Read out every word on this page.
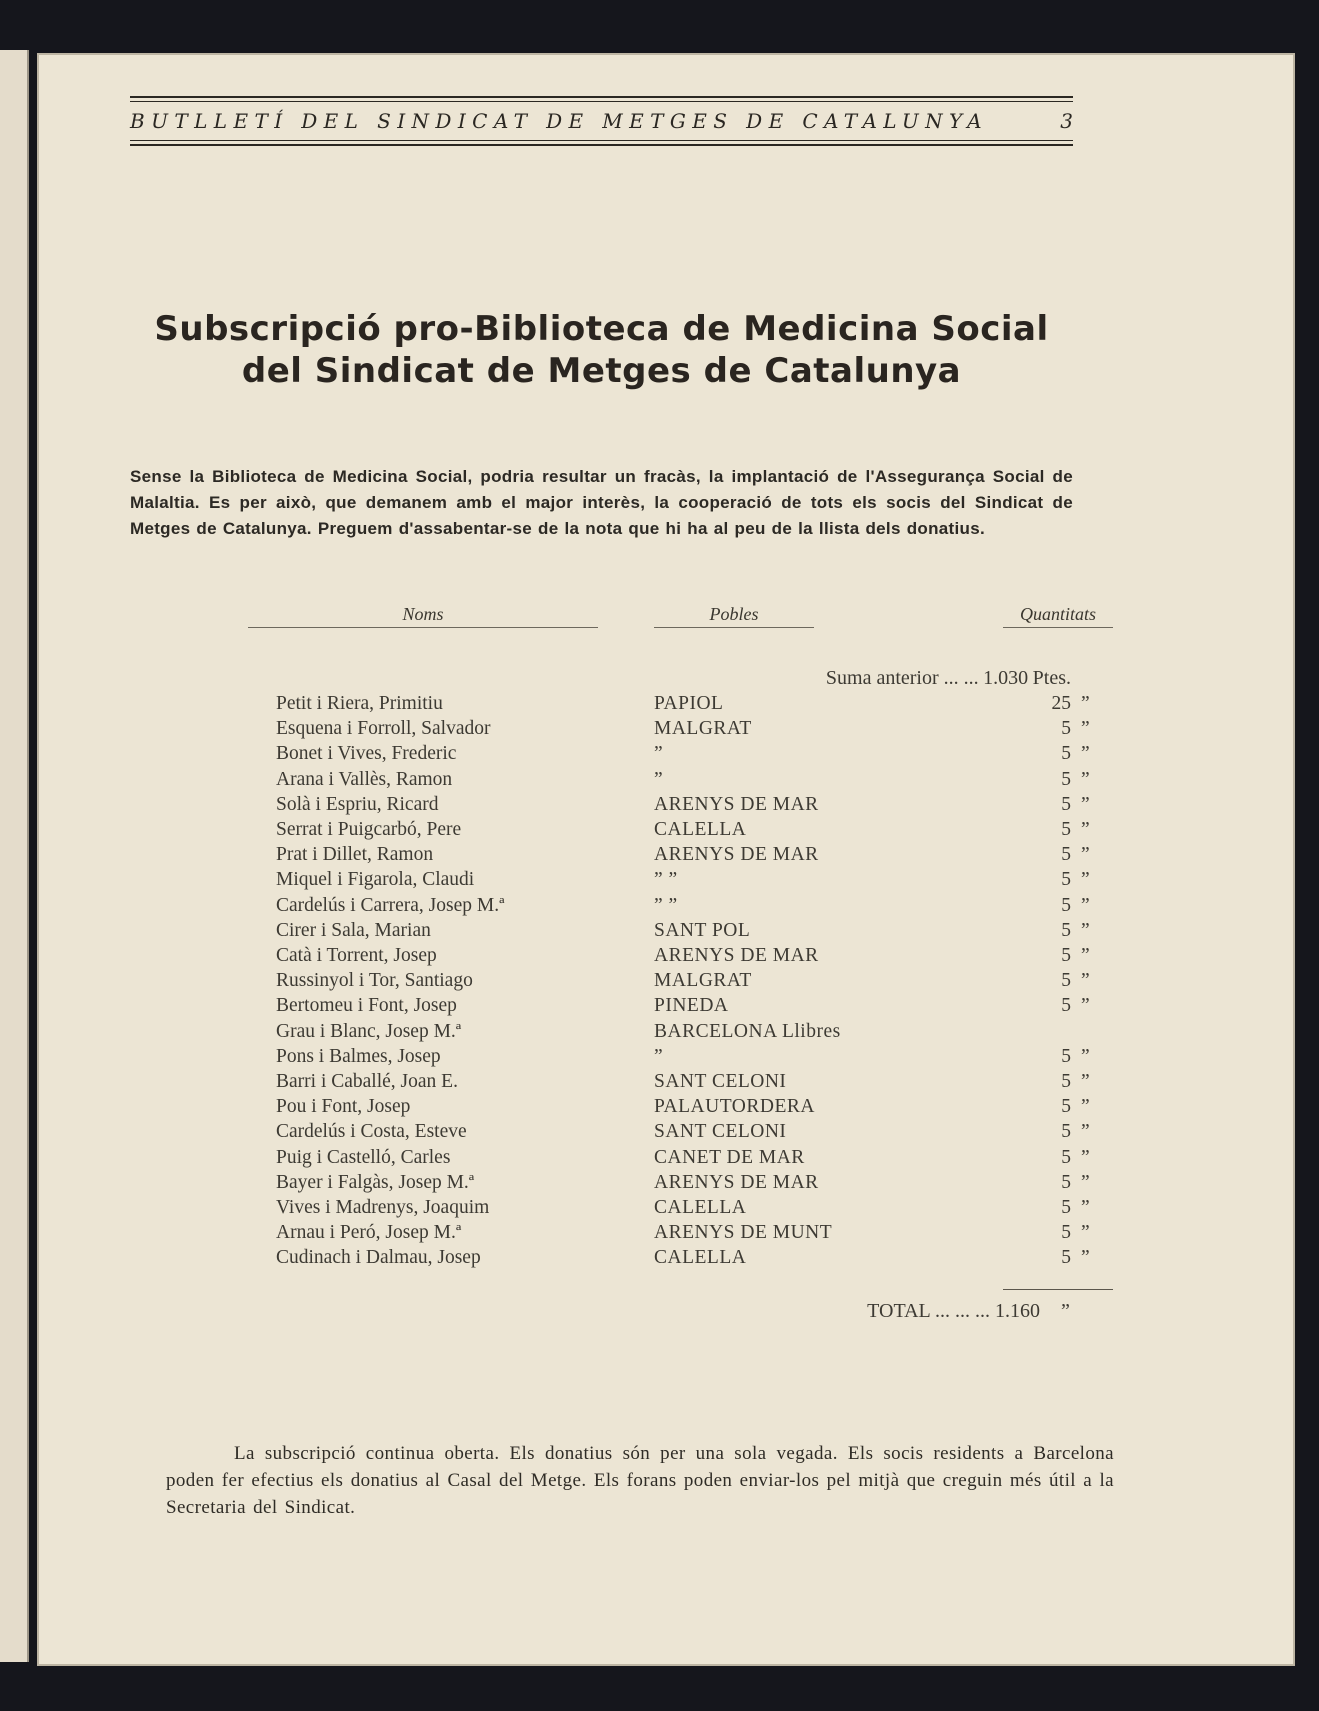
BUTLLETÍ DEL SINDICAT DE METGES DE CATALUNYA	3
Subscripció pro-Biblioteca de Medicina Social
del Sindicat de Metges de Catalunya
Sense la Biblioteca de Medicina Social, podria resultar un fracàs, la implantació de l'Assegurança Social de Malaltia. Es per això, que demanem amb el major interès, la cooperació de tots els socis del Sindicat de Metges de Catalunya. Preguem d'assabentar-se de la nota que hi ha al peu de la llista dels donatius.
Noms	Pobles	Quantitats
Suma anterior ... ... 1.030 Ptes.
Petit i Riera, Primitiu	PAPIOL	25 ”
Esquena i Forroll, Salvador	MALGRAT	5 ”
Bonet i Vives, Frederic	”	5 ”
Arana i Vallès, Ramon	”	5 ”
Solà i Espriu, Ricard	ARENYS DE MAR	5 ”
Serrat i Puigcarbó, Pere	CALELLA	5 ”
Prat i Dillet, Ramon	ARENYS DE MAR	5 ”
Miquel i Figarola, Claudi	” ”	5 ”
Cardelús i Carrera, Josep M.ª	” ”	5 ”
Cirer i Sala, Marian	SANT POL	5 ”
Catà i Torrent, Josep	ARENYS DE MAR	5 ”
Russinyol i Tor, Santiago	MALGRAT	5 ”
Bertomeu i Font, Josep	PINEDA	5 ”
Grau i Blanc, Josep M.ª	BARCELONA Llibres
Pons i Balmes, Josep	”	5 ”
Barri i Caballé, Joan E.	SANT CELONI	5 ”
Pou i Font, Josep	PALAUTORDERA	5 ”
Cardelús i Costa, Esteve	SANT CELONI	5 ”
Puig i Castelló, Carles	CANET DE MAR	5 ”
Bayer i Falgàs, Josep M.ª	ARENYS DE MAR	5 ”
Vives i Madrenys, Joaquim	CALELLA	5 ”
Arnau i Peró, Josep M.ª	ARENYS DE MUNT	5 ”
Cudinach i Dalmau, Josep	CALELLA	5 ”
TOTAL ... ... ... 1.160 ”
La subscripció continua oberta. Els donatius són per una sola vegada. Els socis residents a Barcelona poden fer efectius els donatius al Casal del Metge. Els forans poden enviar-los pel mitjà que creguin més útil a la Secretaria del Sindicat.
